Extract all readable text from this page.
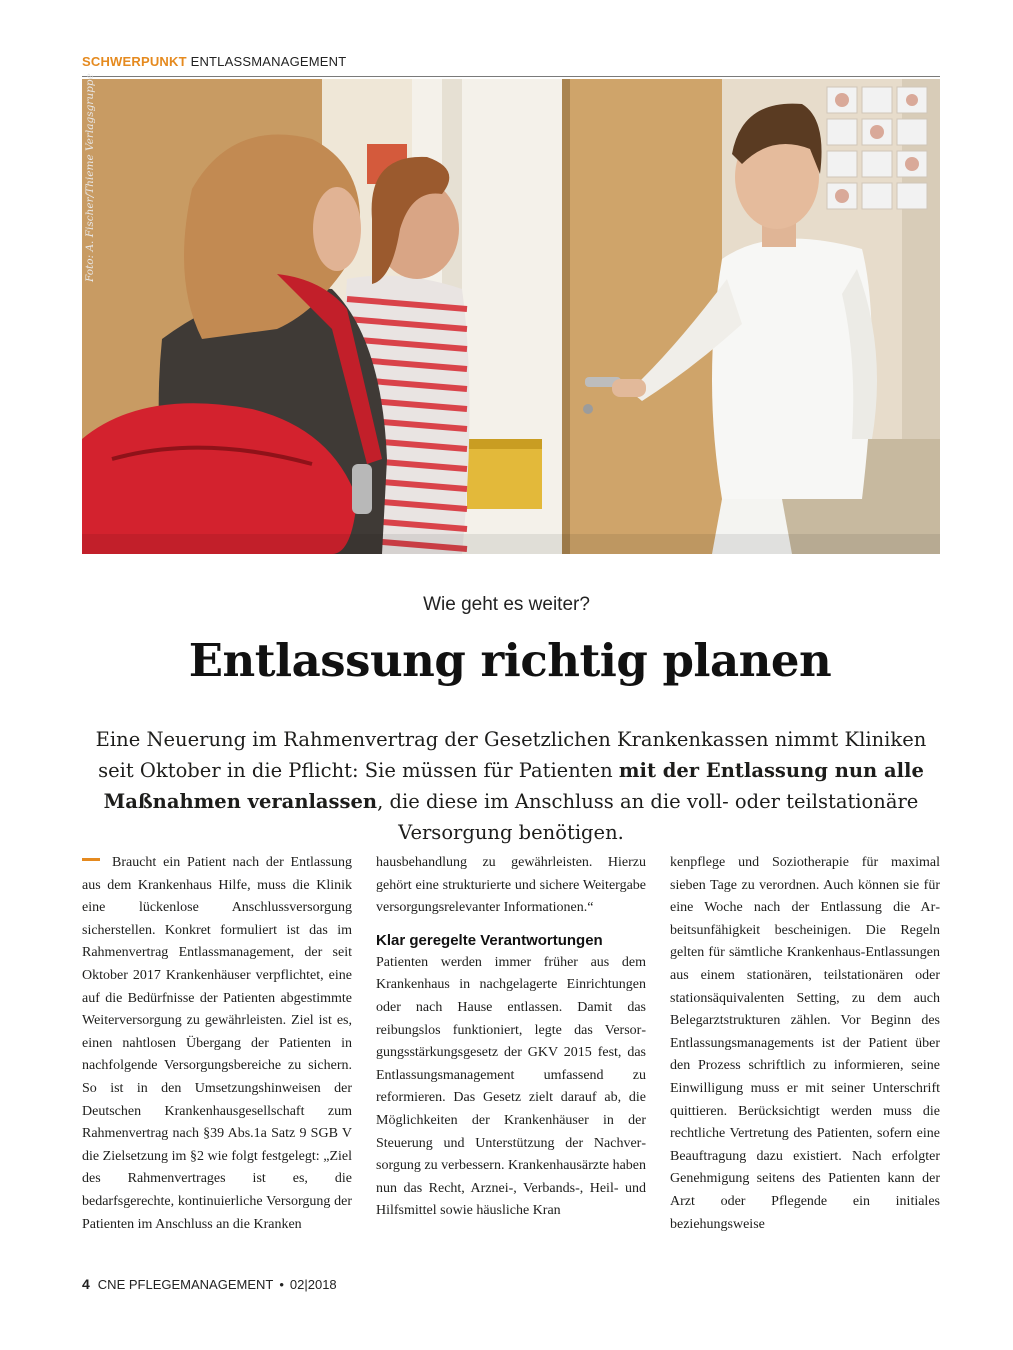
SCHWERPUNKT ENTLASSMANAGEMENT
Foto: A. Fischer/Thieme Verlagsgruppe
Wie geht es weiter?
Entlassung richtig planen
Eine Neuerung im Rahmenvertrag der Gesetzlichen Krankenkassen nimmt Kliniken seit Oktober in die Pflicht: Sie müssen für Patienten mit der Entlassung nun alle Maßnahmen veranlassen, die diese im Anschluss an die voll- oder teilstationäre Versorgung benötigen.

Braucht ein Patient nach der Entlassung aus dem Krankenhaus Hilfe, muss die Klinik eine lückenlose Anschlussversorgung sicherstellen. Konkret formuliert ist das im Rahmenvertrag Entlassmanagement, der seit Oktober 2017 Krankenhäuser verpflichtet, eine auf die Bedürfnisse der Patienten abgestimmte Weiterversorgung zu gewährleisten. Ziel ist es, einen nahtlosen Übergang der Patienten in nachfolgende Versorgungsbereiche zu sichern. So ist in den Umsetzungshinweisen der Deutschen Krankenhausgesellschaft zum Rahmenvertrag nach §39 Abs.1a Satz 9 SGB V die Zielsetzung im §2 wie folgt festgelegt: „Ziel des Rahmenvertrages ist es, die bedarfsgerechte, kontinuierliche Versorgung der Patienten im Anschluss an die Kranken

hausbehandlung zu gewährleisten. Hierzu gehört eine strukturierte und sichere Weitergabe versorgungsrelevanter Informationen.“

Klar geregelte Verantwortungen

Patienten werden immer früher aus dem Krankenhaus in nachgelagerte Einrichtungen oder nach Hause entlassen. Damit das reibungslos funktioniert, legte das Versorgungsstärkungsgesetz der GKV 2015 fest, das Entlassungsmanagement umfassend zu reformieren. Das Gesetz zielt darauf ab, die Möglichkeiten der Krankenhäuser in der Steuerung und Unterstützung der Nachversorgung zu verbessern. Krankenhausärzte haben nun das Recht, Arznei-, Verbands-, Heil- und Hilfsmittel sowie häusliche Kran

kenpflege und Soziotherapie für maximal sieben Tage zu verordnen. Auch können sie für eine Woche nach der Entlassung die Arbeitsunfähigkeit bescheinigen. Die Regeln gelten für sämtliche Krankenhaus-Entlassungen aus einem stationären, teilstationären oder stationsäquivalenten Setting, zu dem auch Belegarztstrukturen zählen. Vor Beginn des Entlassungsmanagements ist der Patient über den Prozess schriftlich zu informieren, seine Einwilligung muss er mit seiner Unterschrift quittieren. Berücksichtigt werden muss die rechtliche Vertretung des Patienten, sofern eine Beauftragung dazu existiert. Nach erfolgter Genehmigung seitens des Patienten kann der Arzt oder Pflegende ein initiales beziehungsweise

4 CNE PFLEGEMANAGEMENT • 02|2018
